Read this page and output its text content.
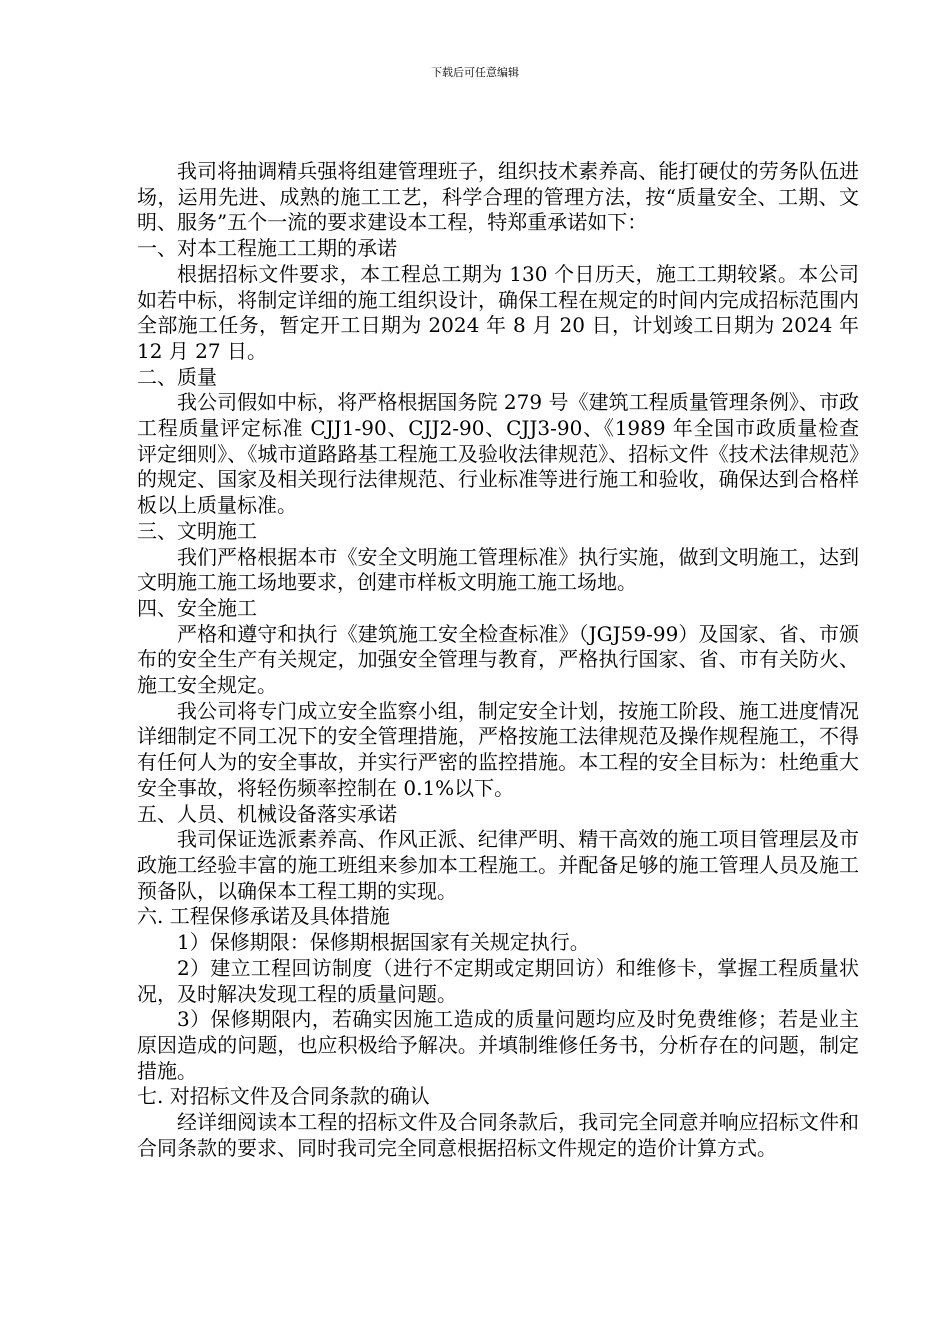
下载后可任意编辑

我司将抽调精兵强将组建管理班子，组织技术素养高、能打硬仗的劳务队伍进场，运用先进、成熟的施工工艺，科学合理的管理方法，按“质量安全、工期、文明、服务”五个一流的要求建设本工程，特郑重承诺如下：

一、对本工程施工工期的承诺

根据招标文件要求，本工程总工期为 130 个日历天，施工工期较紧。本公司如若中标，将制定详细的施工组织设计，确保工程在规定的时间内完成招标范围内全部施工任务，暂定开工日期为 2024 年 8 月 20 日，计划竣工日期为 2024 年 12 月 27 日。

二、质量

我公司假如中标，将严格根据国务院 279 号《建筑工程质量管理条例》、市政工程质量评定标准 CJJ1-90、CJJ2-90、CJJ3-90、《1989 年全国市政质量检查评定细则》、《城市道路路基工程施工及验收法律规范》、招标文件《技术法律规范》的规定、国家及相关现行法律规范、行业标准等进行施工和验收，确保达到合格样板以上质量标准。

三、文明施工

我们严格根据本市《安全文明施工管理标准》执行实施，做到文明施工，达到文明施工施工场地要求，创建市样板文明施工施工场地。

四、安全施工

严格和遵守和执行《建筑施工安全检查标准》（JGJ59-99）及国家、省、市颁布的安全生产有关规定，加强安全管理与教育，严格执行国家、省、市有关防火、施工安全规定。

我公司将专门成立安全监察小组，制定安全计划，按施工阶段、施工进度情况详细制定不同工况下的安全管理措施，严格按施工法律规范及操作规程施工，不得有任何人为的安全事故，并实行严密的监控措施。本工程的安全目标为：杜绝重大安全事故，将轻伤频率控制在 0.1%以下。

五、人员、机械设备落实承诺

我司保证选派素养高、作风正派、纪律严明、精干高效的施工项目管理层及市政施工经验丰富的施工班组来参加本工程施工。并配备足够的施工管理人员及施工预备队，以确保本工程工期的实现。

六. 工程保修承诺及具体措施

1）保修期限：保修期根据国家有关规定执行。

2）建立工程回访制度（进行不定期或定期回访）和维修卡，掌握工程质量状况，及时解决发现工程的质量问题。

3）保修期限内，若确实因施工造成的质量问题均应及时免费维修；若是业主原因造成的问题，也应积极给予解决。并填制维修任务书，分析存在的问题，制定措施。

七. 对招标文件及合同条款的确认

经详细阅读本工程的招标文件及合同条款后，我司完全同意并响应招标文件和合同条款的要求、同时我司完全同意根据招标文件规定的造价计算方式。
